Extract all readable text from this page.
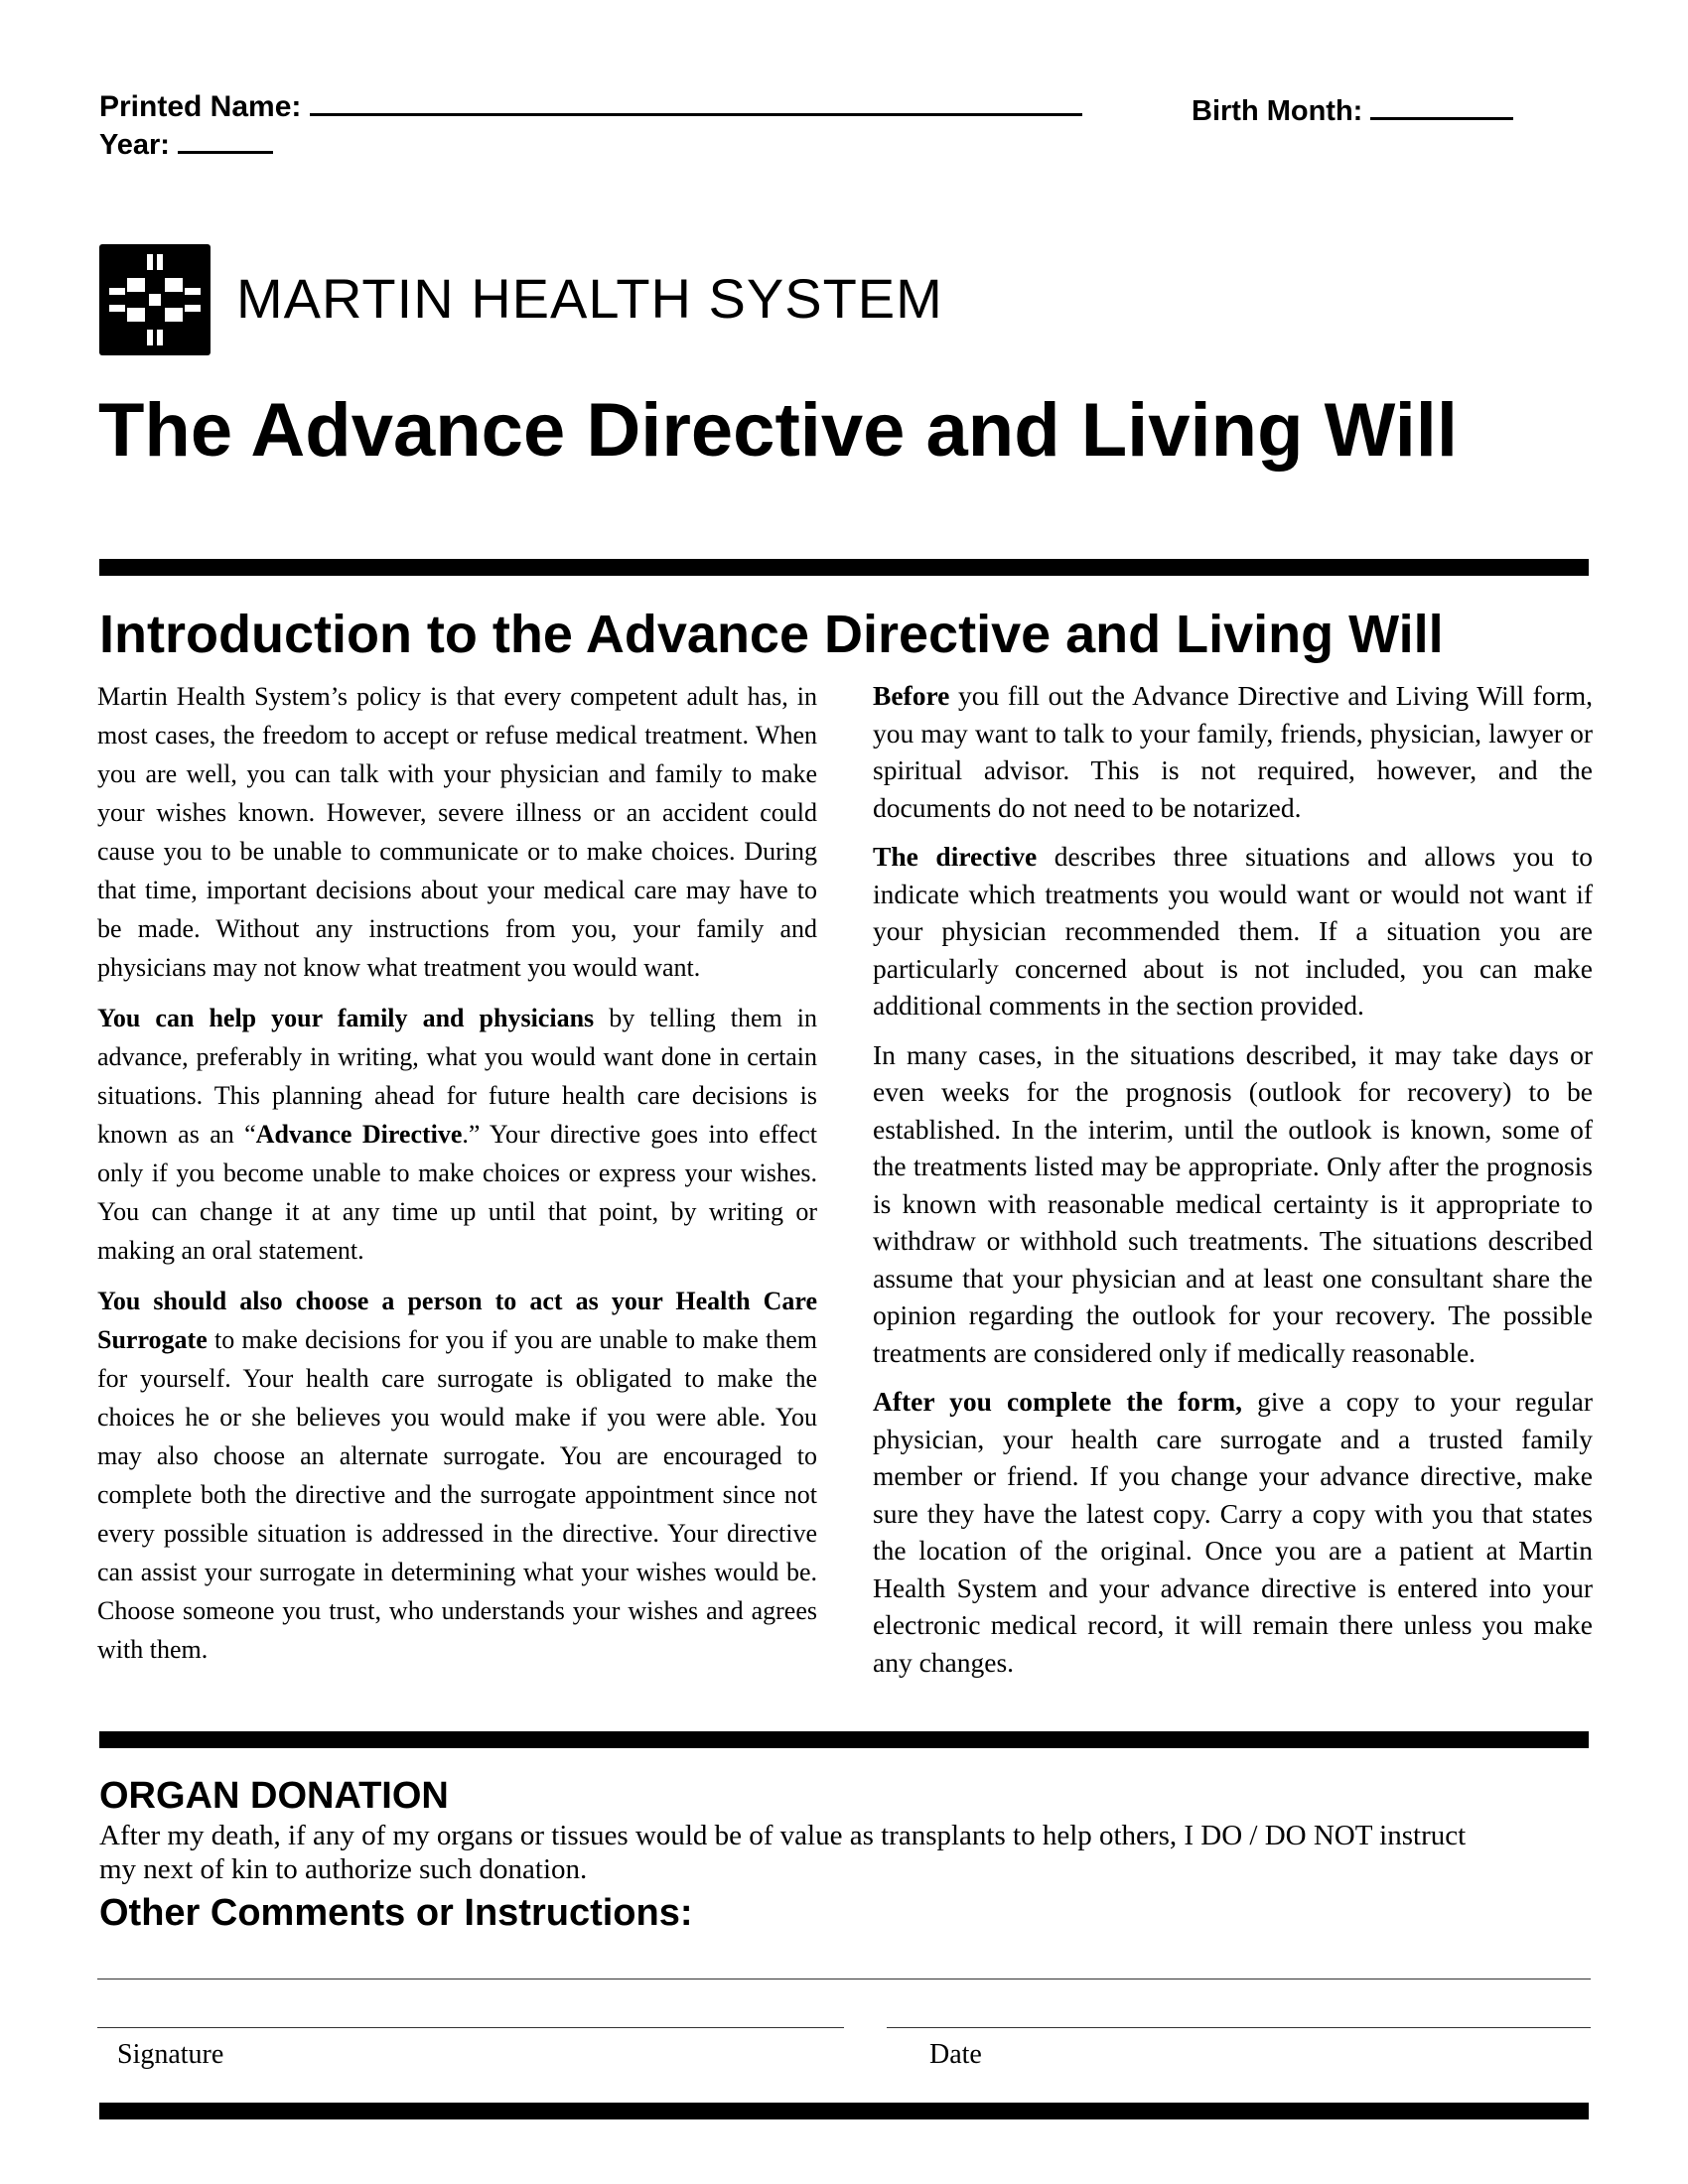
Printed Name:	Birth Month:
Year:
MARTIN HEALTH SYSTEM
The Advance Directive and Living Will
Introduction to the Advance Directive and Living Will

Martin Health System’s policy is that every competent adult has, in most cases, the freedom to accept or refuse medical treatment. When you are well, you can talk with your physician and family to make your wishes known. However, severe illness or an accident could cause you to be unable to communicate or to make choices. During that time, important decisions about your medical care may have to be made. Without any instructions from you, your family and physicians may not know what treatment you would want.

You can help your family and physicians by telling them in advance, preferably in writing, what you would want done in certain situations. This planning ahead for future health care decisions is known as an “Advance Directive.” Your directive goes into effect only if you become unable to make choices or express your wishes. You can change it at any time up until that point, by writing or making an oral statement.

You should also choose a person to act as your Health Care Surrogate to make decisions for you if you are unable to make them for yourself. Your health care surrogate is obligated to make the choices he or she believes you would make if you were able. You may also choose an alternate surrogate. You are encouraged to complete both the directive and the surrogate appointment since not every possible situation is addressed in the directive. Your directive can assist your surrogate in determining what your wishes would be. Choose someone you trust, who understands your wishes and agrees with them.

Before you fill out the Advance Directive and Living Will form, you may want to talk to your family, friends, physician, lawyer or spiritual advisor. This is not required, however, and the documents do not need to be notarized.

The directive describes three situations and allows you to indicate which treatments you would want or would not want if your physician recommended them. If a situation you are particularly concerned about is not included, you can make additional comments in the section provided.

In many cases, in the situations described, it may take days or even weeks for the prognosis (outlook for recovery) to be established. In the interim, until the outlook is known, some of the treatments listed may be appropriate. Only after the prognosis is known with reasonable medical certainty is it appropriate to withdraw or withhold such treatments. The situations described assume that your physician and at least one consultant share the opinion regarding the outlook for your recovery. The possible treatments are considered only if medically reasonable.

After you complete the form, give a copy to your regular physician, your health care surrogate and a trusted family member or friend. If you change your advance directive, make sure they have the latest copy. Carry a copy with you that states the location of the original. Once you are a patient at Martin Health System and your advance directive is entered into your electronic medical record, it will remain there unless you make any changes.

ORGAN DONATION

After my death, if any of my organs or tissues would be of value as transplants to help others, I DO / DO NOT instruct my next of kin to authorize such donation.

Other Comments or Instructions:
Signature	Date
